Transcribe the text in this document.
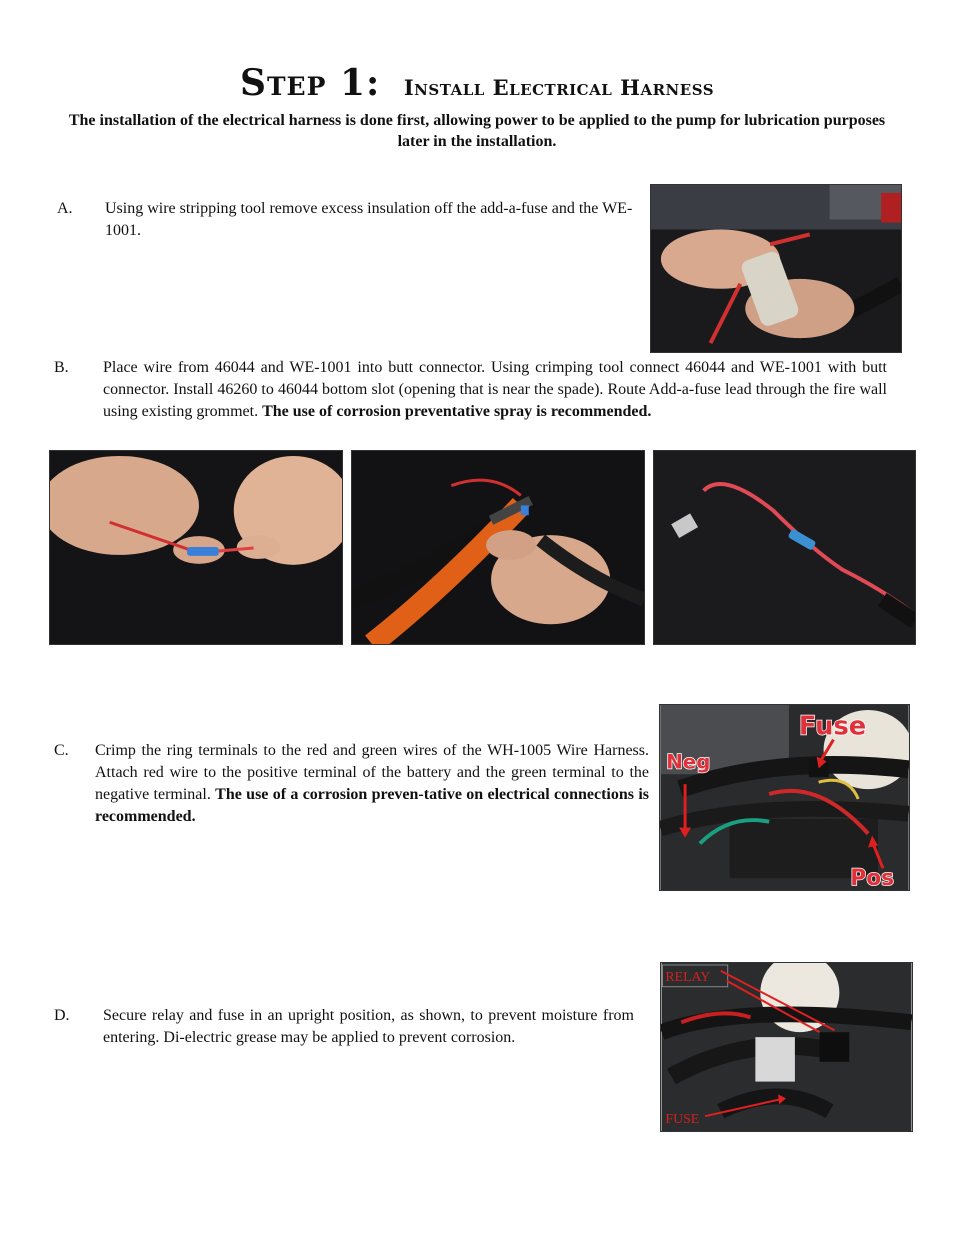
Step 1: Install Electrical Harness
The installation of the electrical harness is done first, allowing power to be applied to the pump for lubrication purposes later in the installation.
A. Using wire stripping tool remove excess insulation off the add-a-fuse and the WE-1001.
B. Place wire from 46044 and WE-1001 into butt connector. Using crimping tool connect 46044 and WE-1001 with butt connector. Install 46260 to 46044 bottom slot (opening that is near the spade). Route Add-a-fuse lead through the fire wall using existing grommet. The use of corrosion preventative spray is recommended.
C. Crimp the ring terminals to the red and green wires of the WH-1005 Wire Harness. Attach red wire to the positive terminal of the battery and the green terminal to the negative terminal. The use of a corrosion preven-tative on electrical connections is recommended.
Fuse
Neg
Pos
D. Secure relay and fuse in an upright position, as shown, to prevent moisture from entering. Di-electric grease may be applied to prevent corrosion.
RELAY
FUSE
